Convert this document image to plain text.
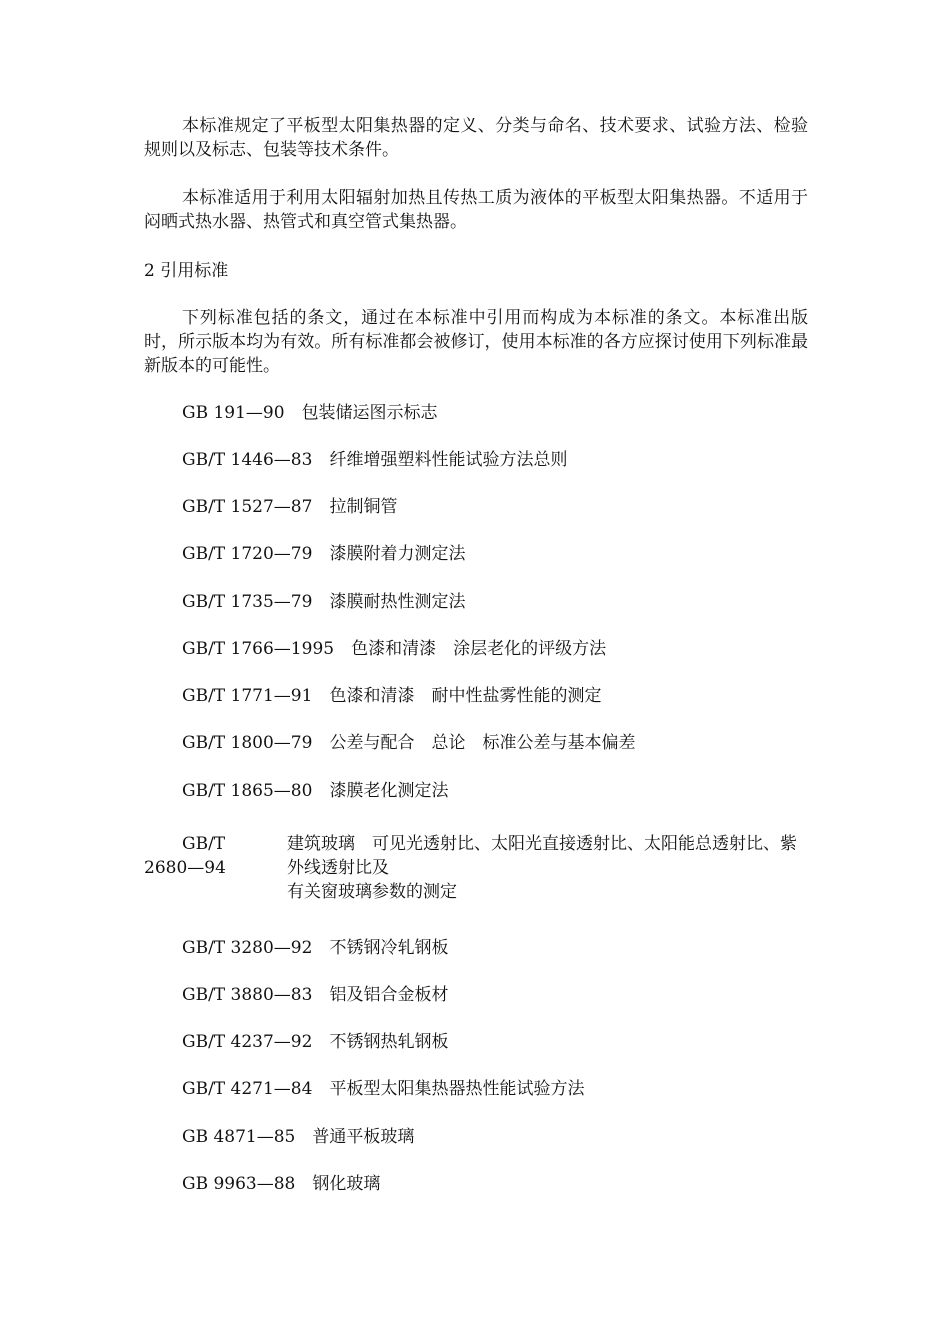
本标准规定了平板型太阳集热器的定义、分类与命名、技术要求、试验方法、检验规则以及标志、包装等技术条件。

本标准适用于利用太阳辐射加热且传热工质为液体的平板型太阳集热器。不适用于闷晒式热水器、热管式和真空管式集热器。

2 引用标准

下列标准包括的条文，通过在本标准中引用而构成为本标准的条文。本标准出版时，所示版本均为有效。所有标准都会被修订，使用本标准的各方应探讨使用下列标准最新版本的可能性。

GB 191—90 包装储运图示标志
GB/T 1446—83 纤维增强塑料性能试验方法总则
GB/T 1527—87 拉制铜管
GB/T 1720—79 漆膜附着力测定法
GB/T 1735—79 漆膜耐热性测定法
GB/T 1766—1995 色漆和清漆　涂层老化的评级方法
GB/T 1771—91 色漆和清漆　耐中性盐雾性能的测定
GB/T 1800—79 公差与配合　总论　标准公差与基本偏差
GB/T 1865—80 漆膜老化测定法
GB/T
2680—94
建筑玻璃　可见光透射比、太阳光直接透射比、太阳能总透射比、紫外线透射比及
有关窗玻璃参数的测定
GB/T 3280—92 不锈钢冷轧钢板
GB/T 3880—83 铝及铝合金板材
GB/T 4237—92 不锈钢热轧钢板
GB/T 4271—84 平板型太阳集热器热性能试验方法
GB 4871—85 普通平板玻璃
GB 9963—88 钢化玻璃
